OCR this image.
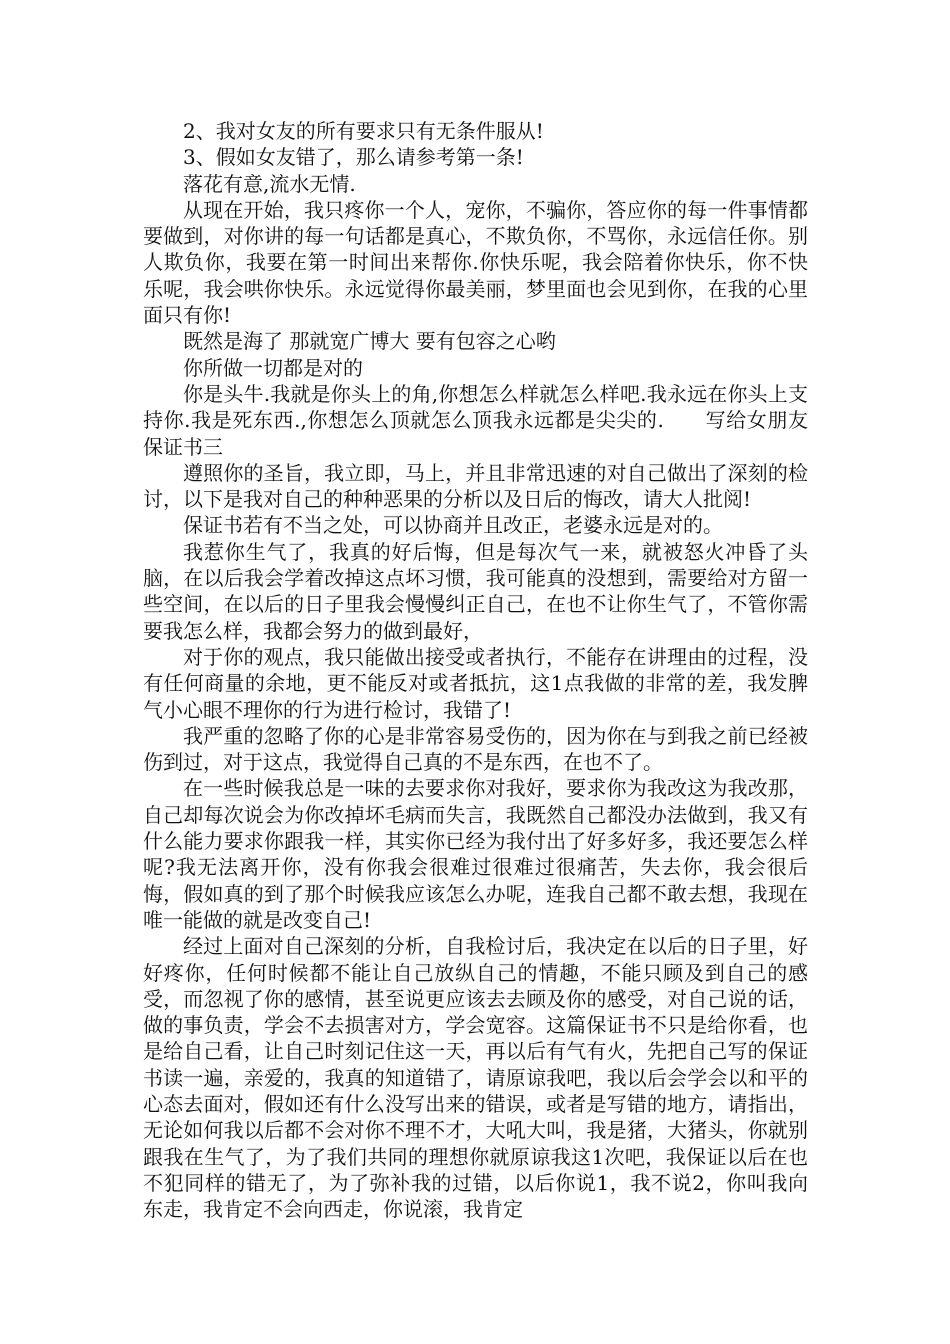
2、我对女友的所有要求只有无条件服从!

3、假如女友错了，那么请参考第一条!

落花有意,流水无情.

从现在开始，我只疼你一个人，宠你，不骗你，答应你的每一件事情都要做到，对你讲的每一句话都是真心，不欺负你，不骂你，永远信任你。别人欺负你，我要在第一时间出来帮你.你快乐呢，我会陪着你快乐，你不快乐呢，我会哄你快乐。永远觉得你最美丽，梦里面也会见到你，在我的心里面只有你!

既然是海了 那就宽广博大 要有包容之心哟

你所做一切都是对的

你是头牛.我就是你头上的角,你想怎么样就怎么样吧.我永远在你头上支持你.我是死东西.,你想怎么顶就怎么顶我永远都是尖尖的.　　写给女朋友保证书三

遵照你的圣旨，我立即，马上，并且非常迅速的对自己做出了深刻的检讨，以下是我对自己的种种恶果的分析以及日后的悔改，请大人批阅!

保证书若有不当之处，可以协商并且改正，老婆永远是对的。

我惹你生气了，我真的好后悔，但是每次气一来，就被怒火冲昏了头脑，在以后我会学着改掉这点坏习惯，我可能真的没想到，需要给对方留一些空间，在以后的日子里我会慢慢纠正自己，在也不让你生气了，不管你需要我怎么样，我都会努力的做到最好，

对于你的观点，我只能做出接受或者执行，不能存在讲理由的过程，没有任何商量的余地，更不能反对或者抵抗，这1点我做的非常的差，我发脾气小心眼不理你的行为进行检讨，我错了!

我严重的忽略了你的心是非常容易受伤的，因为你在与到我之前已经被伤到过，对于这点，我觉得自己真的不是东西，在也不了。

在一些时候我总是一味的去要求你对我好，要求你为我改这为我改那，自己却每次说会为你改掉坏毛病而失言，我既然自己都没办法做到，我又有什么能力要求你跟我一样，其实你已经为我付出了好多好多，我还要怎么样呢?我无法离开你，没有你我会很难过很难过很痛苦，失去你，我会很后悔，假如真的到了那个时候我应该怎么办呢，连我自己都不敢去想，我现在唯一能做的就是改变自己!

经过上面对自己深刻的分析，自我检讨后，我决定在以后的日子里，好好疼你，任何时候都不能让自己放纵自己的情趣，不能只顾及到自己的感受，而忽视了你的感情，甚至说更应该去去顾及你的感受，对自己说的话，做的事负责，学会不去损害对方，学会宽容。这篇保证书不只是给你看，也是给自己看，让自己时刻记住这一天，再以后有气有火，先把自己写的保证书读一遍，亲爱的，我真的知道错了，请原谅我吧，我以后会学会以和平的心态去面对，假如还有什么没写出来的错误，或者是写错的地方，请指出，无论如何我以后都不会对你不理不才，大吼大叫，我是猪，大猪头，你就别跟我在生气了，为了我们共同的理想你就原谅我这1次吧，我保证以后在也不犯同样的错无了，为了弥补我的过错，以后你说1，我不说2，你叫我向东走，我肯定不会向西走，你说滚，我肯定
